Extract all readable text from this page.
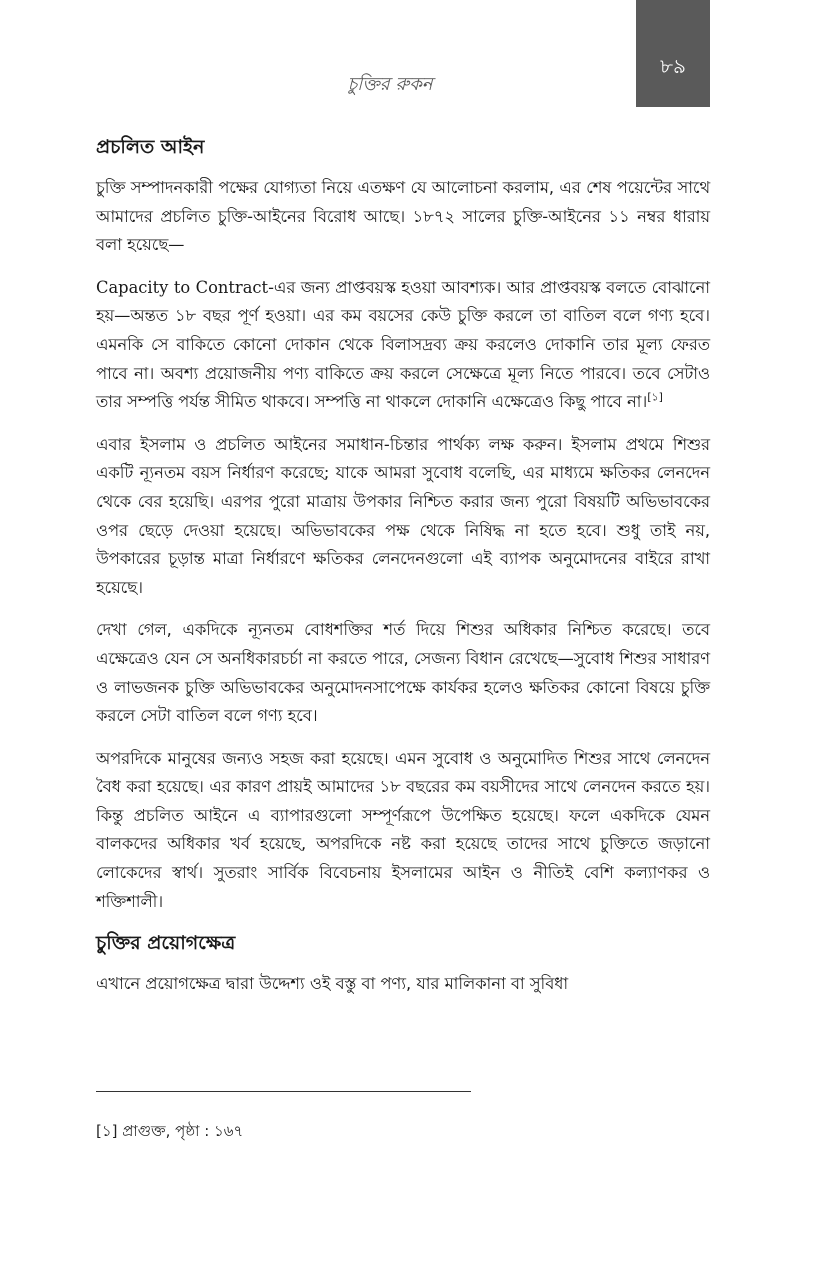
চুক্তির রুকন
৮৯
প্রচলিত আইন

চুক্তি সম্পাদনকারী পক্ষের যোগ্যতা নিয়ে এতক্ষণ যে আলোচনা করলাম, এর শেষ পয়েন্টের সাথে আমাদের প্রচলিত চুক্তি-আইনের বিরোধ আছে। ১৮৭২ সালের চুক্তি-আইনের ১১ নম্বর ধারায় বলা হয়েছে—

Capacity to Contract-এর জন্য প্রাপ্তবয়স্ক হওয়া আবশ্যক। আর প্রাপ্তবয়স্ক বলতে বোঝানো হয়—অন্তত ১৮ বছর পূর্ণ হওয়া। এর কম বয়সের কেউ চুক্তি করলে তা বাতিল বলে গণ্য হবে। এমনকি সে বাকিতে কোনো দোকান থেকে বিলাসদ্রব্য ক্রয় করলেও দোকানি তার মূল্য ফেরত পাবে না। অবশ্য প্রয়োজনীয় পণ্য বাকিতে ক্রয় করলে সেক্ষেত্রে মূল্য নিতে পারবে। তবে সেটাও তার সম্পত্তি পর্যন্ত সীমিত থাকবে। সম্পত্তি না থাকলে দোকানি এক্ষেত্রেও কিছু পাবে না।[১]

এবার ইসলাম ও প্রচলিত আইনের সমাধান-চিন্তার পার্থক্য লক্ষ করুন। ইসলাম প্রথমে শিশুর একটি ন্যূনতম বয়স নির্ধারণ করেছে; যাকে আমরা সুবোধ বলেছি, এর মাধ্যমে ক্ষতিকর লেনদেন থেকে বের হয়েছি। এরপর পুরো মাত্রায় উপকার নিশ্চিত করার জন্য পুরো বিষয়টি অভিভাবকের ওপর ছেড়ে দেওয়া হয়েছে। অভিভাবকের পক্ষ থেকে নিষিদ্ধ না হতে হবে। শুধু তাই নয়, উপকারের চূড়ান্ত মাত্রা নির্ধারণে ক্ষতিকর লেনদেনগুলো এই ব্যাপক অনুমোদনের বাইরে রাখা হয়েছে।

দেখা গেল, একদিকে ন্যূনতম বোধশক্তির শর্ত দিয়ে শিশুর অধিকার নিশ্চিত করেছে। তবে এক্ষেত্রেও যেন সে অনধিকারচর্চা না করতে পারে, সেজন্য বিধান রেখেছে—সুবোধ শিশুর সাধারণ ও লাভজনক চুক্তি অভিভাবকের অনুমোদনসাপেক্ষে কার্যকর হলেও ক্ষতিকর কোনো বিষয়ে চুক্তি করলে সেটা বাতিল বলে গণ্য হবে।

অপরদিকে মানুষের জন্যও সহজ করা হয়েছে। এমন সুবোধ ও অনুমোদিত শিশুর সাথে লেনদেন বৈধ করা হয়েছে। এর কারণ প্রায়ই আমাদের ১৮ বছরের কম বয়সীদের সাথে লেনদেন করতে হয়। কিন্তু প্রচলিত আইনে এ ব্যাপারগুলো সম্পূর্ণরূপে উপেক্ষিত হয়েছে। ফলে একদিকে যেমন বালকদের অধিকার খর্ব হয়েছে, অপরদিকে নষ্ট করা হয়েছে তাদের সাথে চুক্তিতে জড়ানো লোকেদের স্বার্থ। সুতরাং সার্বিক বিবেচনায় ইসলামের আইন ও নীতিই বেশি কল্যাণকর ও শক্তিশালী।

চুক্তির প্রয়োগক্ষেত্র

এখানে প্রয়োগক্ষেত্র দ্বারা উদ্দেশ্য ওই বস্তু বা পণ্য, যার মালিকানা বা সুবিধা

[১] প্রাগুক্ত, পৃষ্ঠা : ১৬৭
